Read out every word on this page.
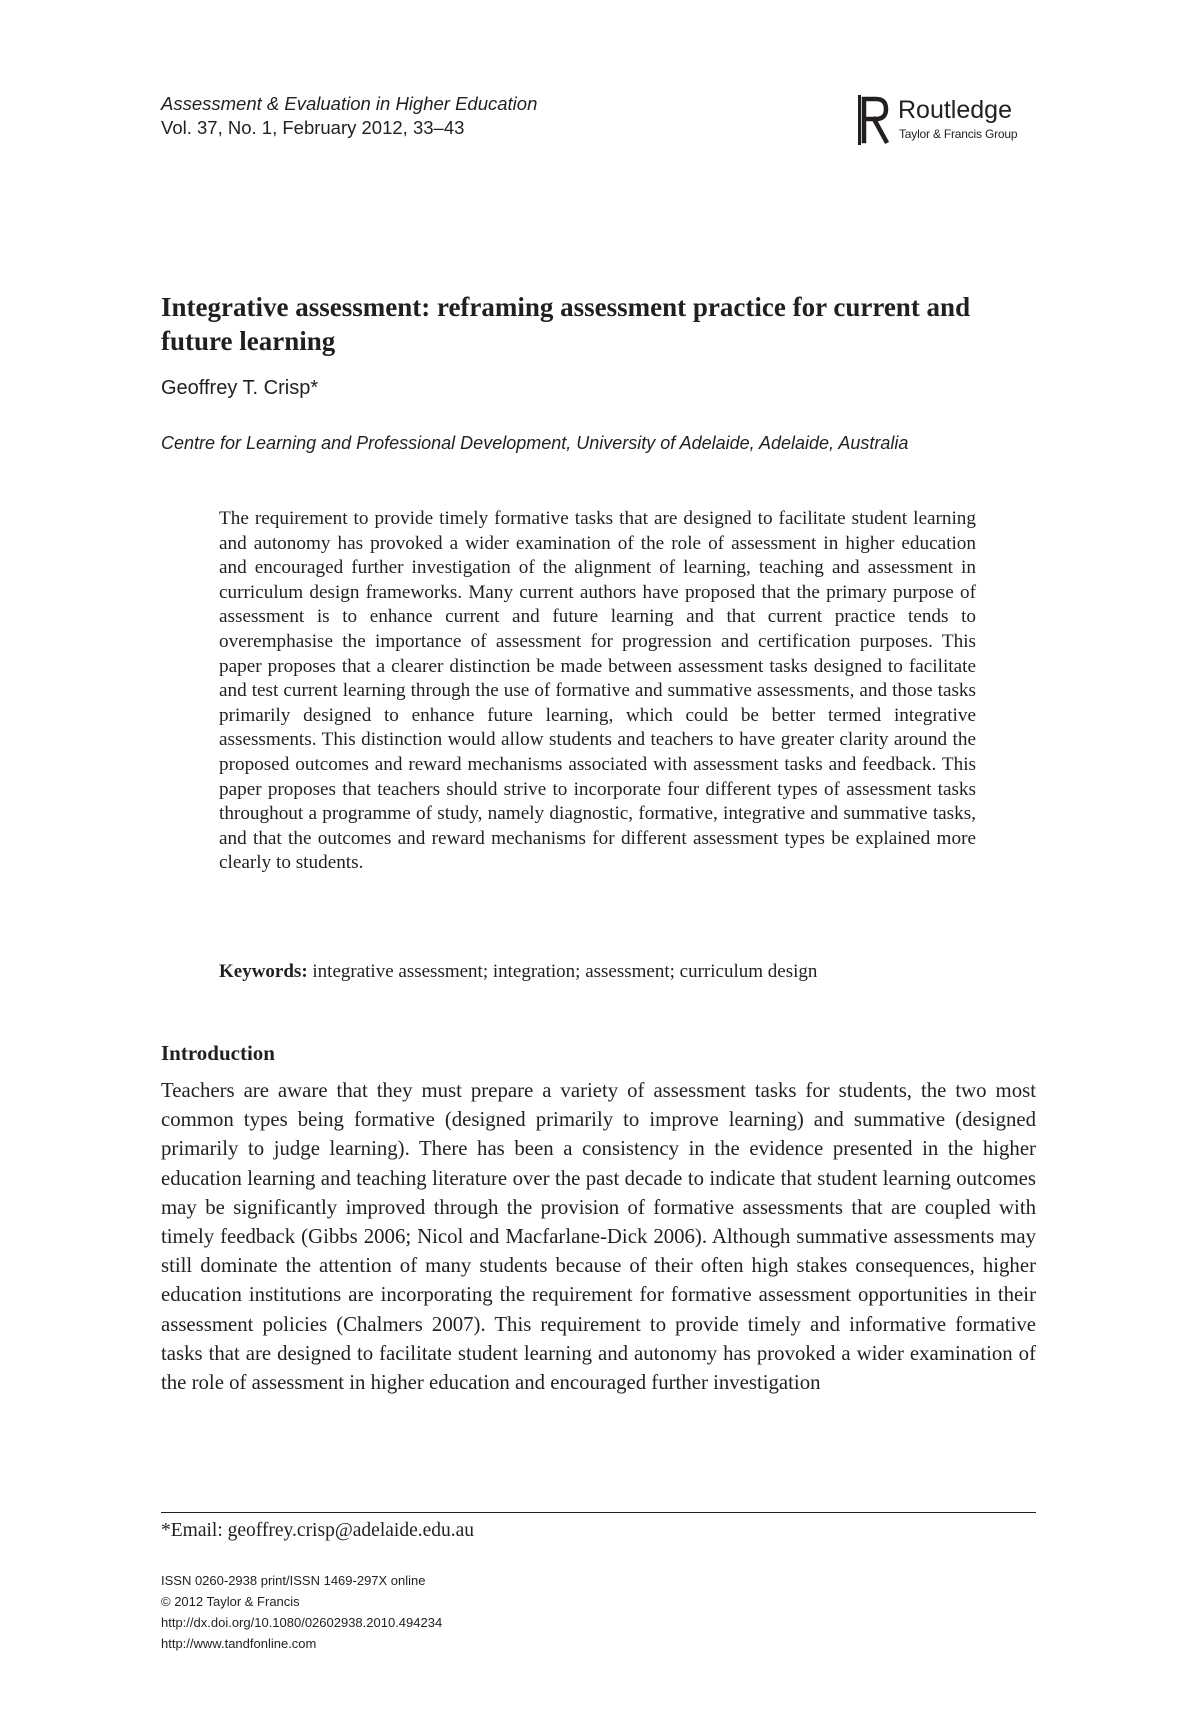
Assessment & Evaluation in Higher Education
Vol. 37, No. 1, February 2012, 33–43
Routledge
Taylor & Francis Group
Integrative assessment: reframing assessment practice for current and future learning
Geoffrey T. Crisp*
Centre for Learning and Professional Development, University of Adelaide, Adelaide, Australia

The requirement to provide timely formative tasks that are designed to facilitate student learning and autonomy has provoked a wider examination of the role of assessment in higher education and encouraged further investigation of the alignment of learning, teaching and assessment in curriculum design frameworks. Many current authors have proposed that the primary purpose of assessment is to enhance current and future learning and that current practice tends to overemphasise the importance of assessment for progression and certification purposes. This paper proposes that a clearer distinction be made between assessment tasks designed to facilitate and test current learning through the use of formative and summative assessments, and those tasks primarily designed to enhance future learning, which could be better termed integrative assessments. This distinction would allow students and teachers to have greater clarity around the proposed outcomes and reward mechanisms associated with assessment tasks and feedback. This paper proposes that teachers should strive to incorporate four different types of assessment tasks throughout a programme of study, namely diagnostic, formative, integrative and summative tasks, and that the outcomes and reward mechanisms for different assessment types be explained more clearly to students.

Keywords: integrative assessment; integration; assessment; curriculum design
Introduction

Teachers are aware that they must prepare a variety of assessment tasks for students, the two most common types being formative (designed primarily to improve learning) and summative (designed primarily to judge learning). There has been a consistency in the evidence presented in the higher education learning and teaching literature over the past decade to indicate that student learning outcomes may be significantly improved through the provision of formative assessments that are coupled with timely feedback (Gibbs 2006; Nicol and Macfarlane-Dick 2006). Although summative assessments may still dominate the attention of many students because of their often high stakes consequences, higher education institutions are incorporating the requirement for formative assessment opportunities in their assessment policies (Chalmers 2007). This requirement to provide timely and informative formative tasks that are designed to facilitate student learning and autonomy has provoked a wider examination of the role of assessment in higher education and encouraged further investigation

*Email: geoffrey.crisp@adelaide.edu.au
ISSN 0260-2938 print/ISSN 1469-297X online
© 2012 Taylor & Francis
http://dx.doi.org/10.1080/02602938.2010.494234
http://www.tandfonline.com
